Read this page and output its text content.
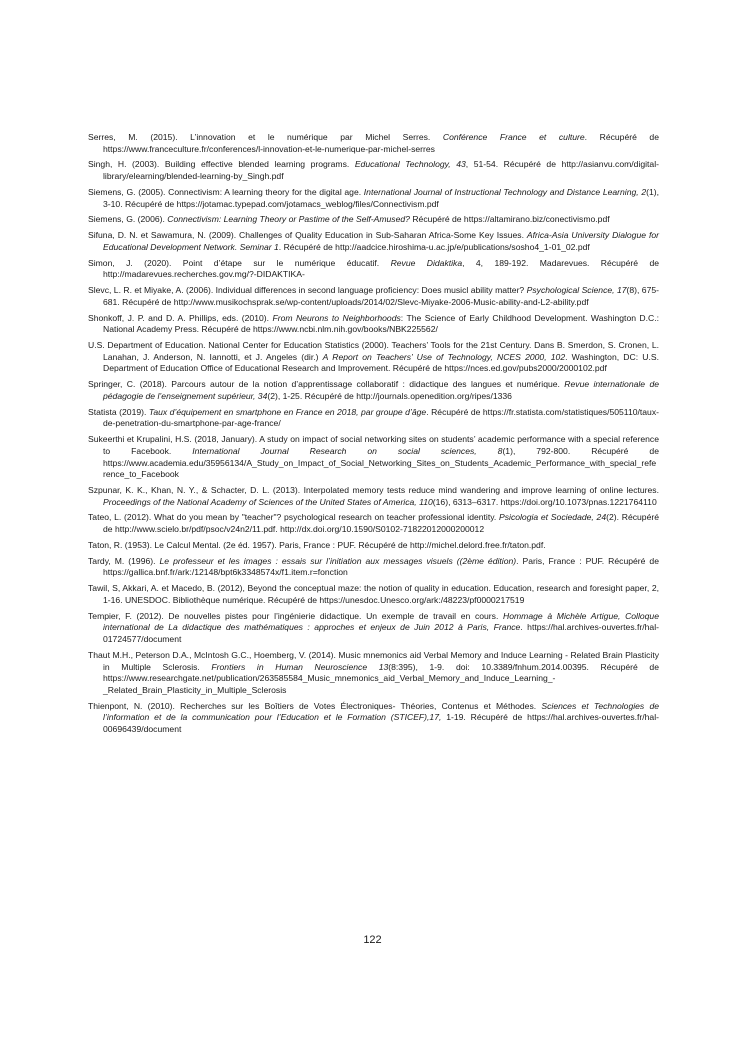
Serres, M. (2015). L’innovation et le numérique par Michel Serres. Conférence France et culture. Récupéré de https://www.franceculture.fr/conferences/l-innovation-et-le-numerique-par-michel-serres

Singh, H. (2003). Building effective blended learning programs. Educational Technology, 43, 51-54. Récupéré de http://asianvu.com/digital-library/elearning/blended-learning-by_Singh.pdf

Siemens, G. (2005). Connectivism: A learning theory for the digital age. International Journal of Instructional Technology and Distance Learning, 2(1), 3-10. Récupéré de https://jotamac.typepad.com/jotamacs_weblog/files/Connectivism.pdf

Siemens, G. (2006). Connectivism: Learning Theory or Pastime of the Self-Amused? Récupéré de https://altamirano.biz/conectivismo.pdf

Sifuna, D. N. et Sawamura, N. (2009). Challenges of Quality Education in Sub-Saharan Africa-Some Key Issues. Africa-Asia University Dialogue for Educational Development Network. Seminar 1. Récupéré de http://aadcice.hiroshima-u.ac.jp/e/publications/sosho4_1-01_02.pdf

Simon, J. (2020). Point d’étape sur le numérique éducatif. Revue Didaktika, 4, 189-192. Madarevues. Récupéré de http://madarevues.recherches.gov.mg/?-DIDAKTIKA-

Slevc, L. R. et Miyake, A. (2006). Individual differences in second language proficiency: Does musicl ability matter? Psychological Science, 17(8), 675-681. Récupéré de http://www.musikochsprak.se/wp-content/uploads/2014/02/Slevc-Miyake-2006-Music-ability-and-L2-ability.pdf

Shonkoff, J. P. and D. A. Phillips, eds. (2010). From Neurons to Neighborhoods: The Science of Early Childhood Development. Washington D.C.: National Academy Press. Récupéré de https://www.ncbi.nlm.nih.gov/books/NBK225562/

U.S. Department of Education. National Center for Education Statistics (2000). Teachers’ Tools for the 21st Century. Dans B. Smerdon, S. Cronen, L. Lanahan, J. Anderson, N. Iannotti, et J. Angeles (dir.) A Report on Teachers’ Use of Technology, NCES 2000, 102. Washington, DC: U.S. Department of Education Office of Educational Research and Improvement. Récupéré de https://nces.ed.gov/pubs2000/2000102.pdf

Springer, C. (2018). Parcours autour de la notion d’apprentissage collaboratif : didactique des langues et numérique. Revue internationale de pédagogie de l’enseignement supérieur, 34(2), 1-25. Récupéré de http://journals.openedition.org/ripes/1336

Statista (2019). Taux d’équipement en smartphone en France en 2018, par groupe d’âge. Récupéré de https://fr.statista.com/statistiques/505110/taux-de-penetration-du-smartphone-par-age-france/

Sukeerthi et Krupalini, H.S. (2018, January). A study on impact of social networking sites on students’ academic performance with a special reference to Facebook. International Journal Research on social sciences, 8(1), 792-800. Récupéré de https://www.academia.edu/35956134/A_Study_on_Impact_of_Social_Networking_Sites_on_Students_Academic_Performance_with_special_reference_to_Facebook

Szpunar, K. K., Khan, N. Y., & Schacter, D. L. (2013). Interpolated memory tests reduce mind wandering and improve learning of online lectures. Proceedings of the National Academy of Sciences of the United States of America, 110(16), 6313–6317. https://doi.org/10.1073/pnas.1221764110

Tateo, L. (2012). What do you mean by "teacher"? psychological research on teacher professional identity. Psicologia et Sociedade, 24(2). Récupéré de http://www.scielo.br/pdf/psoc/v24n2/11.pdf. http://dx.doi.org/10.1590/S0102-71822012000200012

Taton, R. (1953). Le Calcul Mental. (2e éd. 1957). Paris, France : PUF. Récupéré de http://michel.delord.free.fr/taton.pdf.

Tardy, M. (1996). Le professeur et les images : essais sur l’initiation aux messages visuels ((2ème édition). Paris, France : PUF. Récupéré de https://gallica.bnf.fr/ark:/12148/bpt6k3348574x/f1.item.r=fonction

Tawil, S, Akkari, A. et Macedo, B. (2012), Beyond the conceptual maze: the notion of quality in education. Education, research and foresight paper, 2, 1-16. UNESDOC. Bibliothèque numérique. Récupéré de https://unesdoc.Unesco.org/ark:/48223/pf0000217519

Tempier, F. (2012). De nouvelles pistes pour l’ingénierie didactique. Un exemple de travail en cours. Hommage à Michèle Artigue, Colloque international de La didactique des mathématiques : approches et enjeux de Juin 2012 à Paris, France. https://hal.archives-ouvertes.fr/hal-01724577/document

Thaut M.H., Peterson D.A., McIntosh G.C., Hoemberg, V. (2014). Music mnemonics aid Verbal Memory and Induce Learning - Related Brain Plasticity in Multiple Sclerosis. Frontiers in Human Neuroscience 13(8:395), 1-9. doi: 10.3389/fnhum.2014.00395. Récupéré de https://www.researchgate.net/publication/263585584_Music_mnemonics_aid_Verbal_Memory_and_Induce_Learning_-_Related_Brain_Plasticity_in_Multiple_Sclerosis

Thienpont, N. (2010). Recherches sur les Boîtiers de Votes Électroniques- Théories, Contenus et Méthodes. Sciences et Technologies de l’information et de la communication pour l’Education et le Formation (STICEF),17, 1-19. Récupéré de https://hal.archives-ouvertes.fr/hal-00696439/document

122
